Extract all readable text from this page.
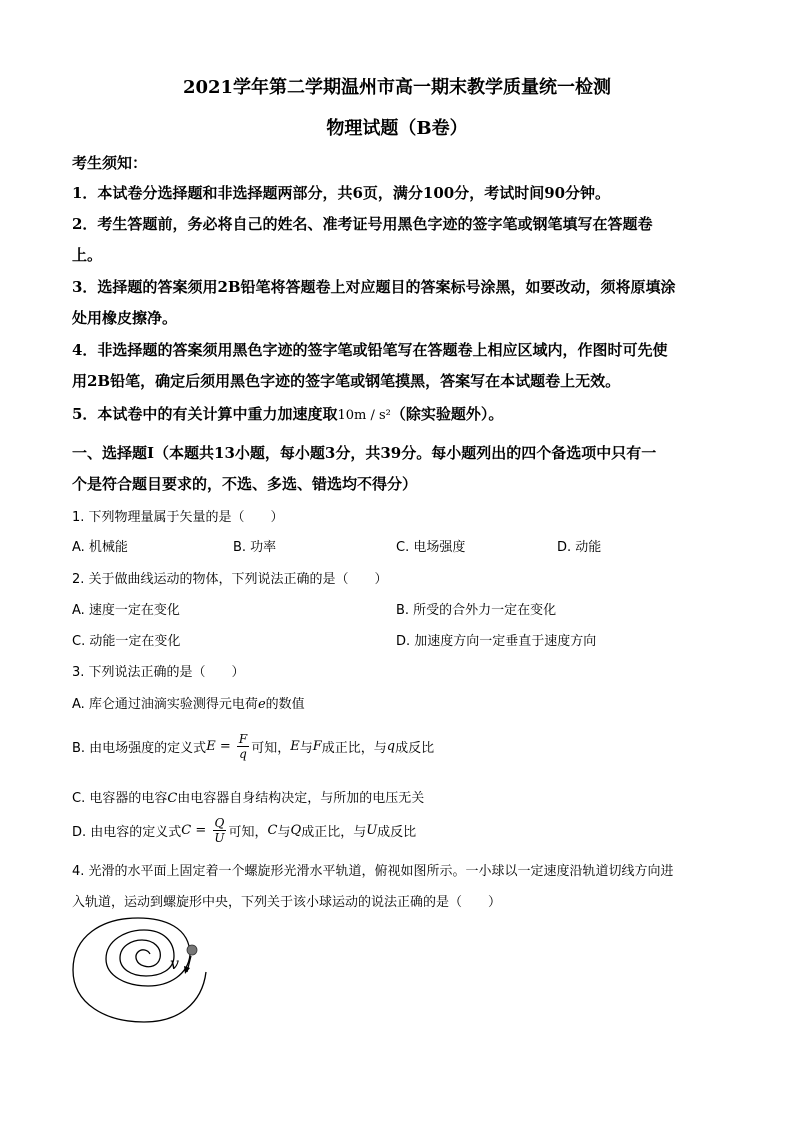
2021学年第二学期温州市高一期末教学质量统一检测
物理试题（B卷）
考生须知：
1．本试卷分选择题和非选择题两部分，共6页，满分100分，考试时间90分钟。
2．考生答题前，务必将自己的姓名、准考证号用黑色字迹的签字笔或钢笔填写在答题卷
上。
3．选择题的答案须用2B铅笔将答题卷上对应题目的答案标号涂黑，如要改动，须将原填涂
处用橡皮擦净。
4．非选择题的答案须用黑色字迹的签字笔或铅笔写在答题卷上相应区域内，作图时可先使
用2B铅笔，确定后须用黑色字迹的签字笔或钢笔摸黑，答案写在本试题卷上无效。
5．本试卷中的有关计算中重力加速度取10m / s²（除实验题外）。
一、选择题Ⅰ（本题共13小题，每小题3分，共39分。每小题列出的四个备选项中只有一
个是符合题目要求的，不选、多选、错选均不得分）
1. 下列物理量属于矢量的是（　　）
A. 机械能	B. 功率	C. 电场强度	D. 动能
2. 关于做曲线运动的物体，下列说法正确的是（　　）
A. 速度一定在变化	B. 所受的合外力一定在变化
C. 动能一定在变化	D. 加速度方向一定垂直于速度方向
3. 下列说法正确的是（　　）
A. 库仑通过油滴实验测得元电荷e的数值
B. 由电场强度的定义式 $E = \frac{F}{q}$ 可知， E 与 F 成正比，与 q 成反比
C. 电容器的电容C由电容器自身结构决定，与所加的电压无关
D. 由电容的定义式 $C = \frac{Q}{U}$ 可知， C 与 Q 成正比，与 U 成反比
4. 光滑的水平面上固定着一个螺旋形光滑水平轨道，俯视如图所示。一小球以一定速度沿轨道切线方向进
入轨道，运动到螺旋形中央，下列关于该小球运动的说法正确的是（　　）
v
